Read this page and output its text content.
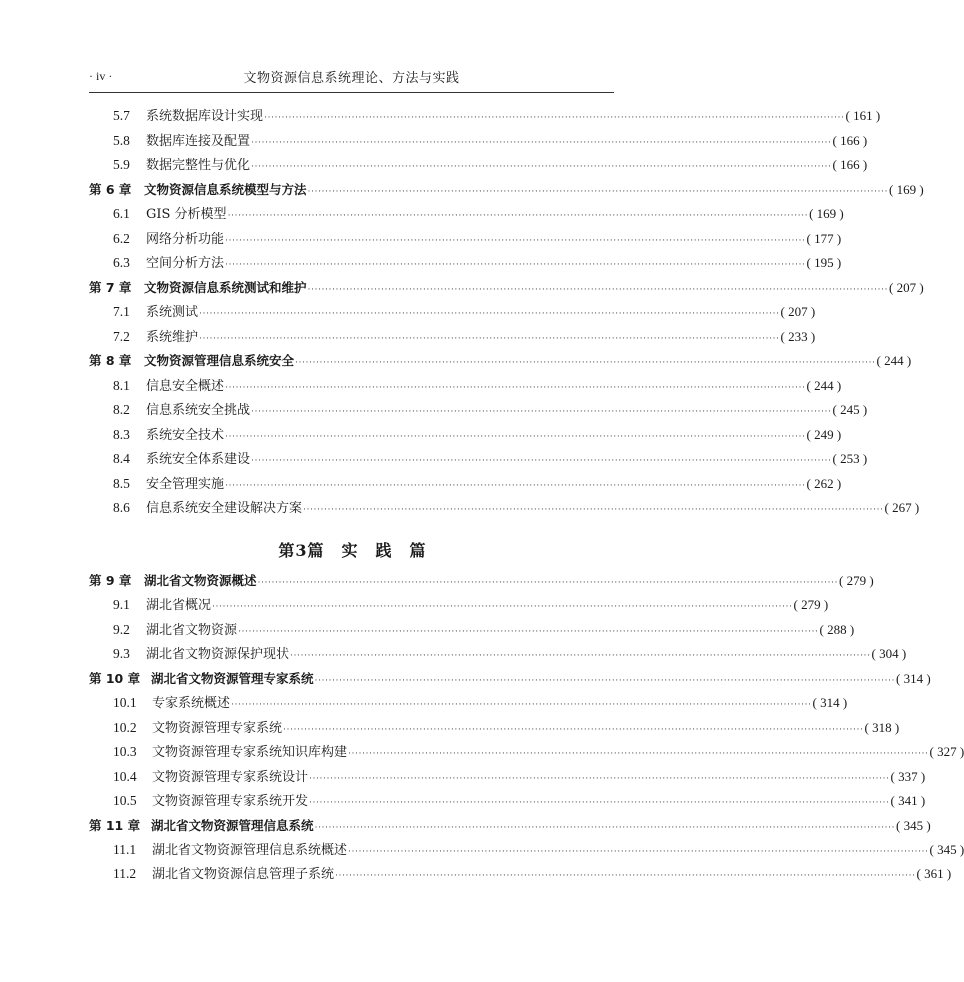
· iv ·	文物资源信息系统理论、方法与实践
5.7	系统数据库设计实现 ······································································································································································ ( 161 )
5.8	数据库连接及配置 ······································································································································································ ( 166 )
5.9	数据完整性与优化 ······································································································································································ ( 166 )
第 6 章	文物资源信息系统模型与方法 ······································································································································································ ( 169 )
6.1	GIS 分析模型 ······································································································································································ ( 169 )
6.2	网络分析功能 ······································································································································································ ( 177 )
6.3	空间分析方法 ······································································································································································ ( 195 )
第 7 章	文物资源信息系统测试和维护 ······································································································································································ ( 207 )
7.1	系统测试 ······································································································································································ ( 207 )
7.2	系统维护 ······································································································································································ ( 233 )
第 8 章	文物资源管理信息系统安全 ······································································································································································ ( 244 )
8.1	信息安全概述 ······································································································································································ ( 244 )
8.2	信息系统安全挑战 ······································································································································································ ( 245 )
8.3	系统安全技术 ······································································································································································ ( 249 )
8.4	系统安全体系建设 ······································································································································································ ( 253 )
8.5	安全管理实施 ······································································································································································ ( 262 )
8.6	信息系统安全建设解决方案 ······································································································································································ ( 267 )
第3篇　实　践　篇
第 9 章	湖北省文物资源概述 ······································································································································································ ( 279 )
9.1	湖北省概况 ······································································································································································ ( 279 )
9.2	湖北省文物资源 ······································································································································································ ( 288 )
9.3	湖北省文物资源保护现状 ······································································································································································ ( 304 )
第 10 章 湖北省文物资源管理专家系统 ······································································································································································ ( 314 )
10.1	专家系统概述 ······································································································································································ ( 314 )
10.2	文物资源管理专家系统 ······································································································································································ ( 318 )
10.3	文物资源管理专家系统知识库构建 ······································································································································································ ( 327 )
10.4	文物资源管理专家系统设计 ······································································································································································ ( 337 )
10.5	文物资源管理专家系统开发 ······································································································································································ ( 341 )
第 11 章 湖北省文物资源管理信息系统 ······································································································································································ ( 345 )
11.1	湖北省文物资源管理信息系统概述 ······································································································································································ ( 345 )
11.2	湖北省文物资源信息管理子系统 ······································································································································································ ( 361 )
